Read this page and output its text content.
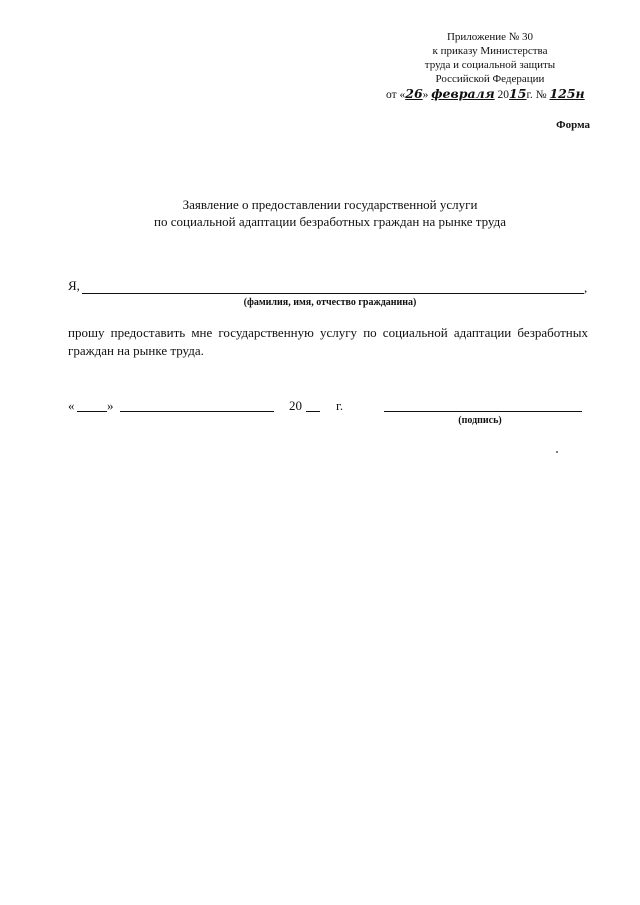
Приложение № 30
к приказу Министерства
труда и социальной защиты
Российской Федерации
от «26» февраля 2015г. № 125н
Форма
Заявление о предоставлении государственной услуги
по социальной адаптации безработных граждан на рынке труда
Я,	,
(фамилия, имя, отчество гражданина)
прошу предоставить мне государственную услугу по социальной адаптации безработных
граждан на рынке труда.
«	»	20	г.
(подпись)
